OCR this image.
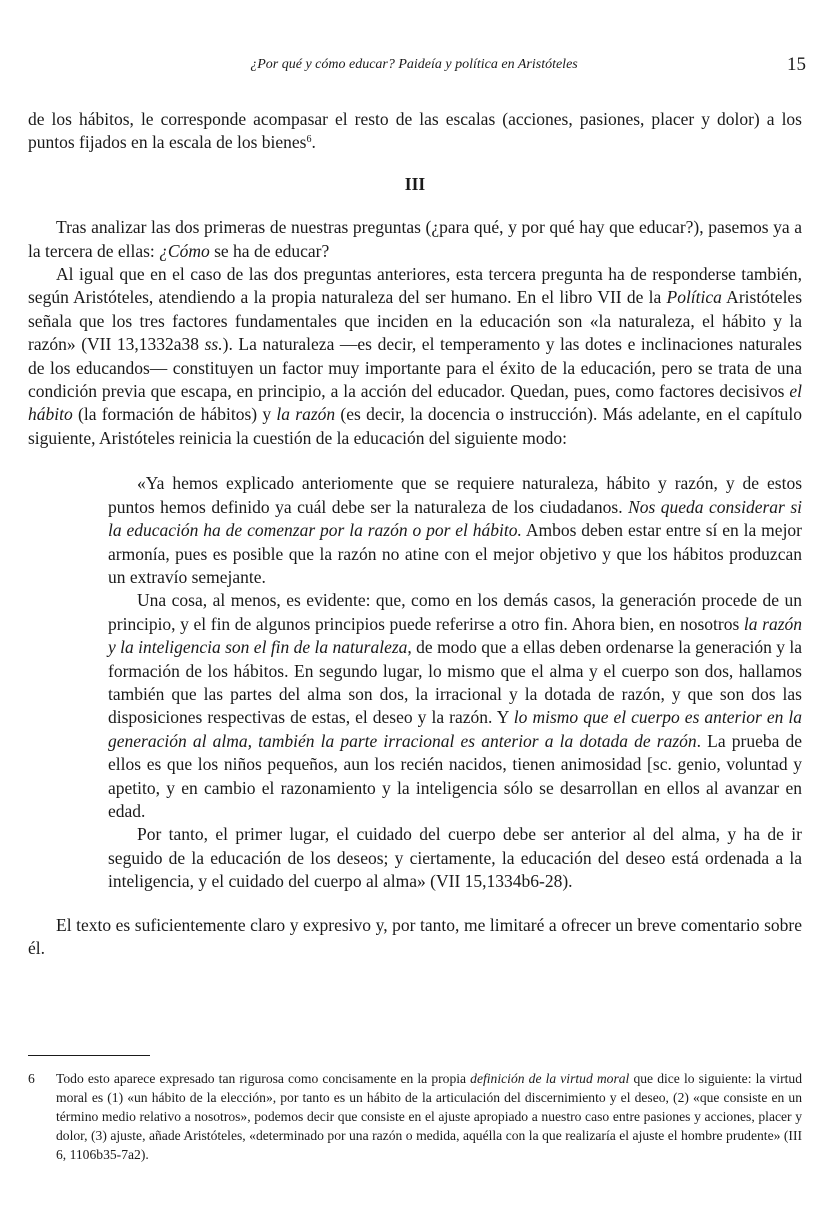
¿Por qué y cómo educar? Paideía y política en Aristóteles	15

de los hábitos, le corresponde acompasar el resto de las escalas (acciones, pasiones, placer y dolor) a los puntos fijados en la escala de los bienes$^6$.

III

Tras analizar las dos primeras de nuestras preguntas (¿para qué, y por qué hay que educar?), pasemos ya a la tercera de ellas: ¿Cómo se ha de educar?

Al igual que en el caso de las dos preguntas anteriores, esta tercera pregunta ha de responderse también, según Aristóteles, atendiendo a la propia naturaleza del ser humano. En el libro VII de la Política Aristóteles señala que los tres factores fundamentales que inciden en la educación son «la naturaleza, el hábito y la razón» (VII 13,1332a38 ss.). La naturaleza —es decir, el temperamento y las dotes e inclinaciones naturales de los educandos— constituyen un factor muy importante para el éxito de la educación, pero se trata de una condición previa que escapa, en principio, a la acción del educador. Quedan, pues, como factores decisivos el hábito (la formación de hábitos) y la razón (es decir, la docencia o instrucción). Más adelante, en el capítulo siguiente, Aristóteles reinicia la cuestión de la educación del siguiente modo:

«Ya hemos explicado anteriomente que se requiere naturaleza, hábito y razón, y de estos puntos hemos definido ya cuál debe ser la naturaleza de los ciudadanos. Nos queda considerar si la educación ha de comenzar por la razón o por el hábito. Ambos deben estar entre sí en la mejor armonía, pues es posible que la razón no atine con el mejor objetivo y que los hábitos produzcan un extravío semejante.

Una cosa, al menos, es evidente: que, como en los demás casos, la generación procede de un principio, y el fin de algunos principios puede referirse a otro fin. Ahora bien, en nosotros la razón y la inteligencia son el fin de la naturaleza, de modo que a ellas deben ordenarse la generación y la formación de los hábitos. En segundo lugar, lo mismo que el alma y el cuerpo son dos, hallamos también que las partes del alma son dos, la irracional y la dotada de razón, y que son dos las disposiciones respectivas de estas, el deseo y la razón. Y lo mismo que el cuerpo es anterior en la generación al alma, también la parte irracional es anterior a la dotada de razón. La prueba de ellos es que los niños pequeños, aun los recién nacidos, tienen animosidad [sc. genio, voluntad y apetito, y en cambio el razonamiento y la inteligencia sólo se desarrollan en ellos al avanzar en edad.

Por tanto, el primer lugar, el cuidado del cuerpo debe ser anterior al del alma, y ha de ir seguido de la educación de los deseos; y ciertamente, la educación del deseo está ordenada a la inteligencia, y el cuidado del cuerpo al alma» (VII 15,1334b6-28).

El texto es suficientemente claro y expresivo y, por tanto, me limitaré a ofrecer un breve comentario sobre él.

6	Todo esto aparece expresado tan rigurosa como concisamente en la propia definición de la virtud moral que dice lo siguiente: la virtud moral es (1) «un hábito de la elección», por tanto es un hábito de la articulación del discernimiento y el deseo, (2) «que consiste en un término medio relativo a nosotros», podemos decir que consiste en el ajuste apropiado a nuestro caso entre pasiones y acciones, placer y dolor, (3) ajuste, añade Aristóteles, «determinado por una razón o medida, aquélla con la que realizaría el ajuste el hombre prudente» (III 6, 1106b35-7a2).
